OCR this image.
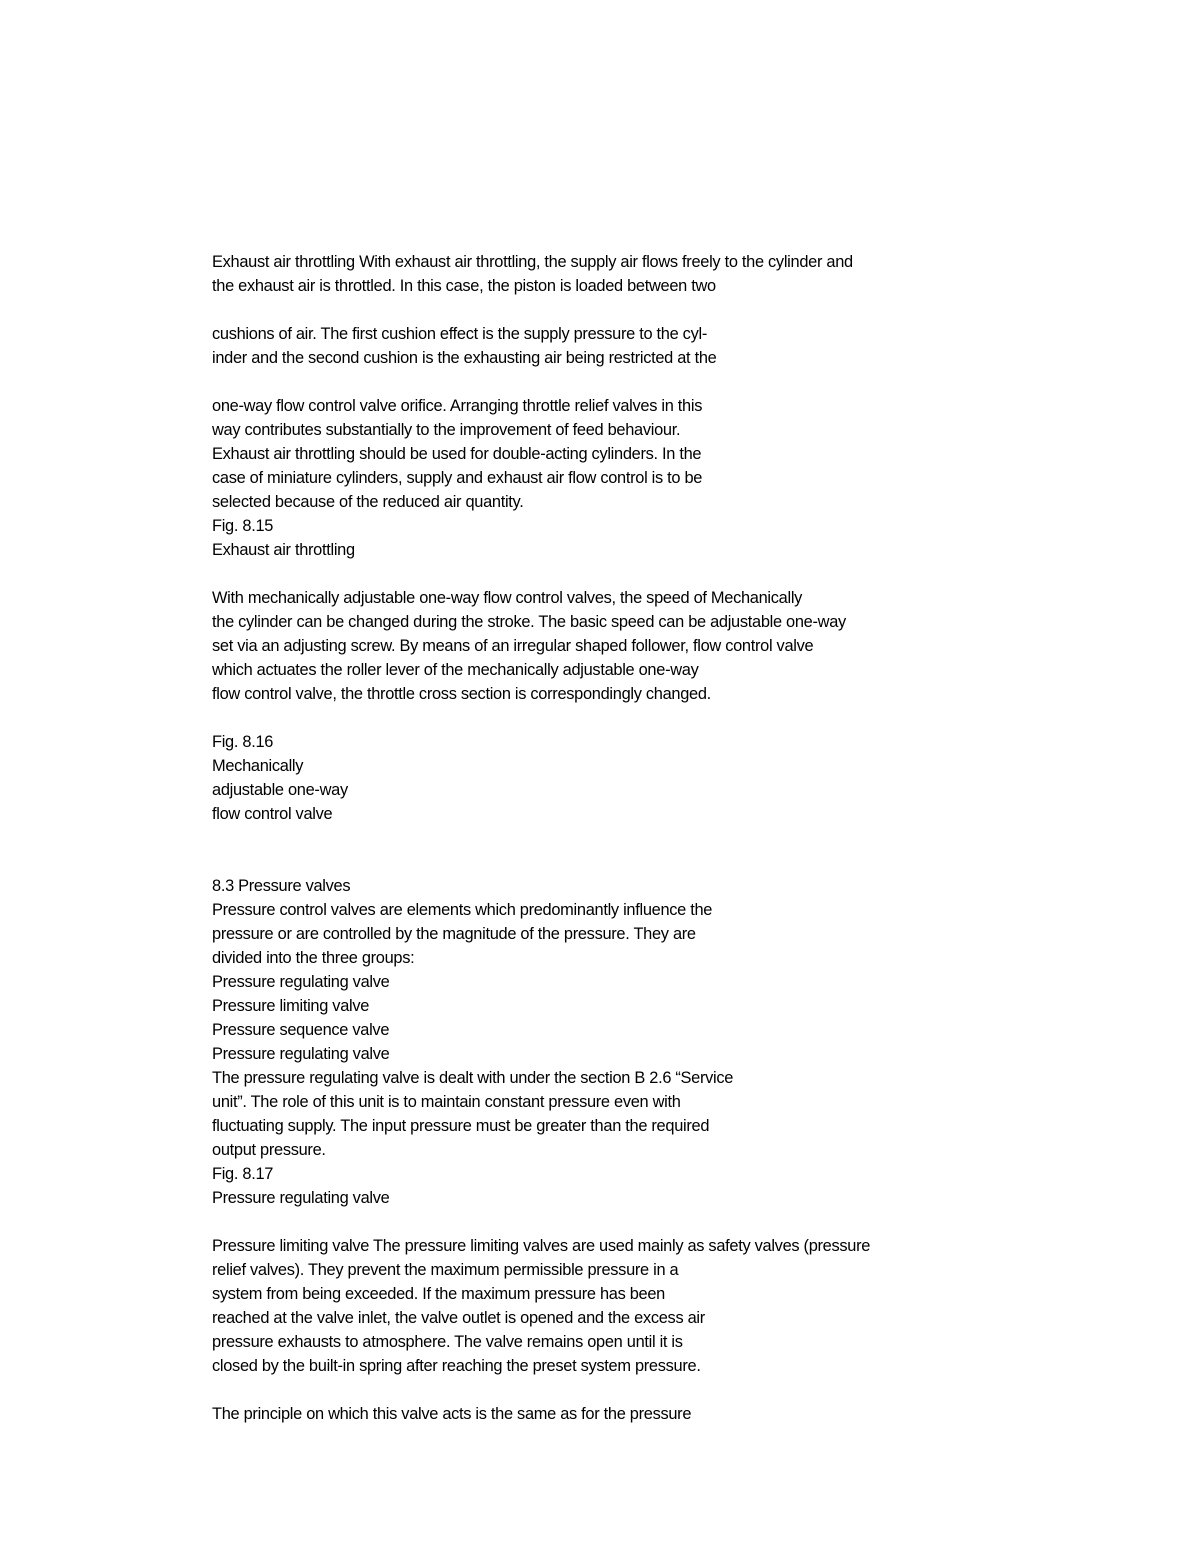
Exhaust air throttling With exhaust air throttling, the supply air flows freely to the cylinder and
the exhaust air is throttled. In this case, the piston is loaded between two
cushions of air. The first cushion effect is the supply pressure to the cyl-
inder and the second cushion is the exhausting air being restricted at the
one-way flow control valve orifice. Arranging throttle relief valves in this
way contributes substantially to the improvement of feed behaviour.
Exhaust air throttling should be used for double-acting cylinders. In the
case of miniature cylinders, supply and exhaust air flow control is to be
selected because of the reduced air quantity.
Fig. 8.15
Exhaust air throttling
With mechanically adjustable one-way flow control valves, the speed of Mechanically
the cylinder can be changed during the stroke. The basic speed can be adjustable one-way
set via an adjusting screw. By means of an irregular shaped follower, flow control valve
which actuates the roller lever of the mechanically adjustable one-way
flow control valve, the throttle cross section is correspondingly changed.
Fig. 8.16
Mechanically
adjustable one-way
flow control valve
8.3 Pressure valves
Pressure control valves are elements which predominantly influence the
pressure or are controlled by the magnitude of the pressure. They are
divided into the three groups:
Pressure regulating valve
Pressure limiting valve
Pressure sequence valve
Pressure regulating valve
The pressure regulating valve is dealt with under the section B 2.6 “Service
unit”. The role of this unit is to maintain constant pressure even with
fluctuating supply. The input pressure must be greater than the required
output pressure.
Fig. 8.17
Pressure regulating valve
Pressure limiting valve The pressure limiting valves are used mainly as safety valves (pressure
relief valves). They prevent the maximum permissible pressure in a
system from being exceeded. If the maximum pressure has been
reached at the valve inlet, the valve outlet is opened and the excess air
pressure exhausts to atmosphere. The valve remains open until it is
closed by the built-in spring after reaching the preset system pressure.
The principle on which this valve acts is the same as for the pressure
